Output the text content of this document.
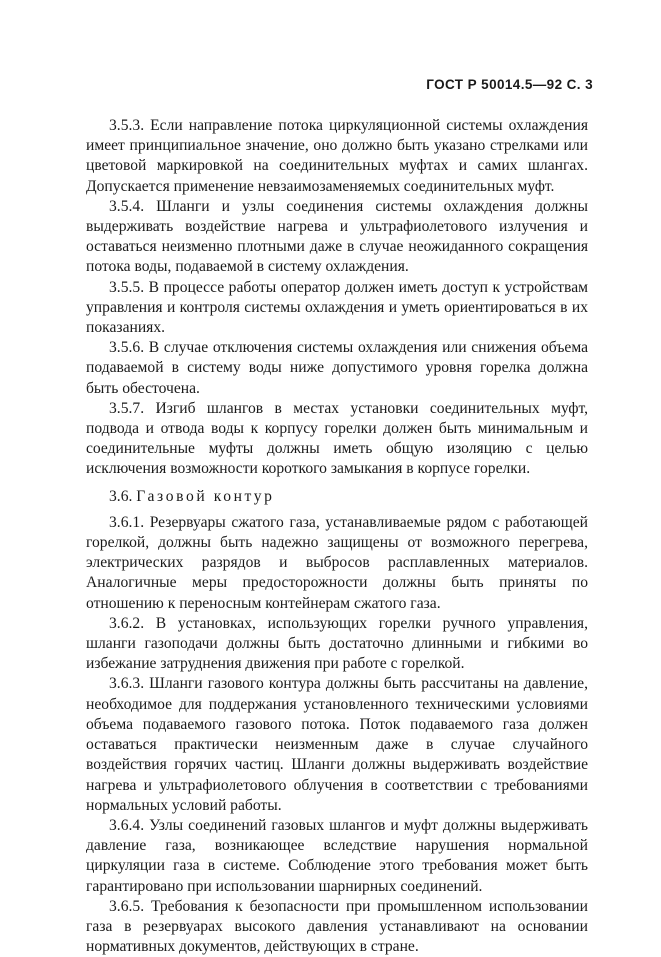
ГОСТ Р 50014.5—92 С. 3

3.5.3. Если направление потока циркуляционной системы охлаждения имеет принципиальное значение, оно должно быть указано стрелками или цветовой маркировкой на соединительных муфтах и самих шлангах. Допускается применение невзаимозаменяемых соединительных муфт.

3.5.4. Шланги и узлы соединения системы охлаждения должны выдерживать воздействие нагрева и ультрафиолетового излучения и оставаться неизменно плотными даже в случае неожиданного сокращения потока воды, подаваемой в систему охлаждения.

3.5.5. В процессе работы оператор должен иметь доступ к устройствам управления и контроля системы охлаждения и уметь ориентироваться в их показаниях.

3.5.6. В случае отключения системы охлаждения или снижения объема подаваемой в систему воды ниже допустимого уровня горелка должна быть обесточена.

3.5.7. Изгиб шлангов в местах установки соединительных муфт, подвода и отвода воды к корпусу горелки должен быть минимальным и соединительные муфты должны иметь общую изоляцию с целью исключения возможности короткого замыкания в корпусе горелки.

3.6. Газовой контур

3.6.1. Резервуары сжатого газа, устанавливаемые рядом с работающей горелкой, должны быть надежно защищены от возможного перегрева, электрических разрядов и выбросов расплавленных материалов. Аналогичные меры предосторожности должны быть приняты по отношению к переносным контейнерам сжатого газа.

3.6.2. В установках, использующих горелки ручного управления, шланги газоподачи должны быть достаточно длинными и гибкими во избежание затруднения движения при работе с горелкой.

3.6.3. Шланги газового контура должны быть рассчитаны на давление, необходимое для поддержания установленного техническими условиями объема подаваемого газового потока. Поток подаваемого газа должен оставаться практически неизменным даже в случае случайного воздействия горячих частиц. Шланги должны выдерживать воздействие нагрева и ультрафиолетового облучения в соответствии с требованиями нормальных условий работы.

3.6.4. Узлы соединений газовых шлангов и муфт должны выдерживать давление газа, возникающее вследствие нарушения нормальной циркуляции газа в системе. Соблюдение этого требования может быть гарантировано при использовании шарнирных соединений.

3.6.5. Требования к безопасности при промышленном использовании газа в резервуарах высокого давления устанавливают на основании нормативных документов, действующих в стране.
